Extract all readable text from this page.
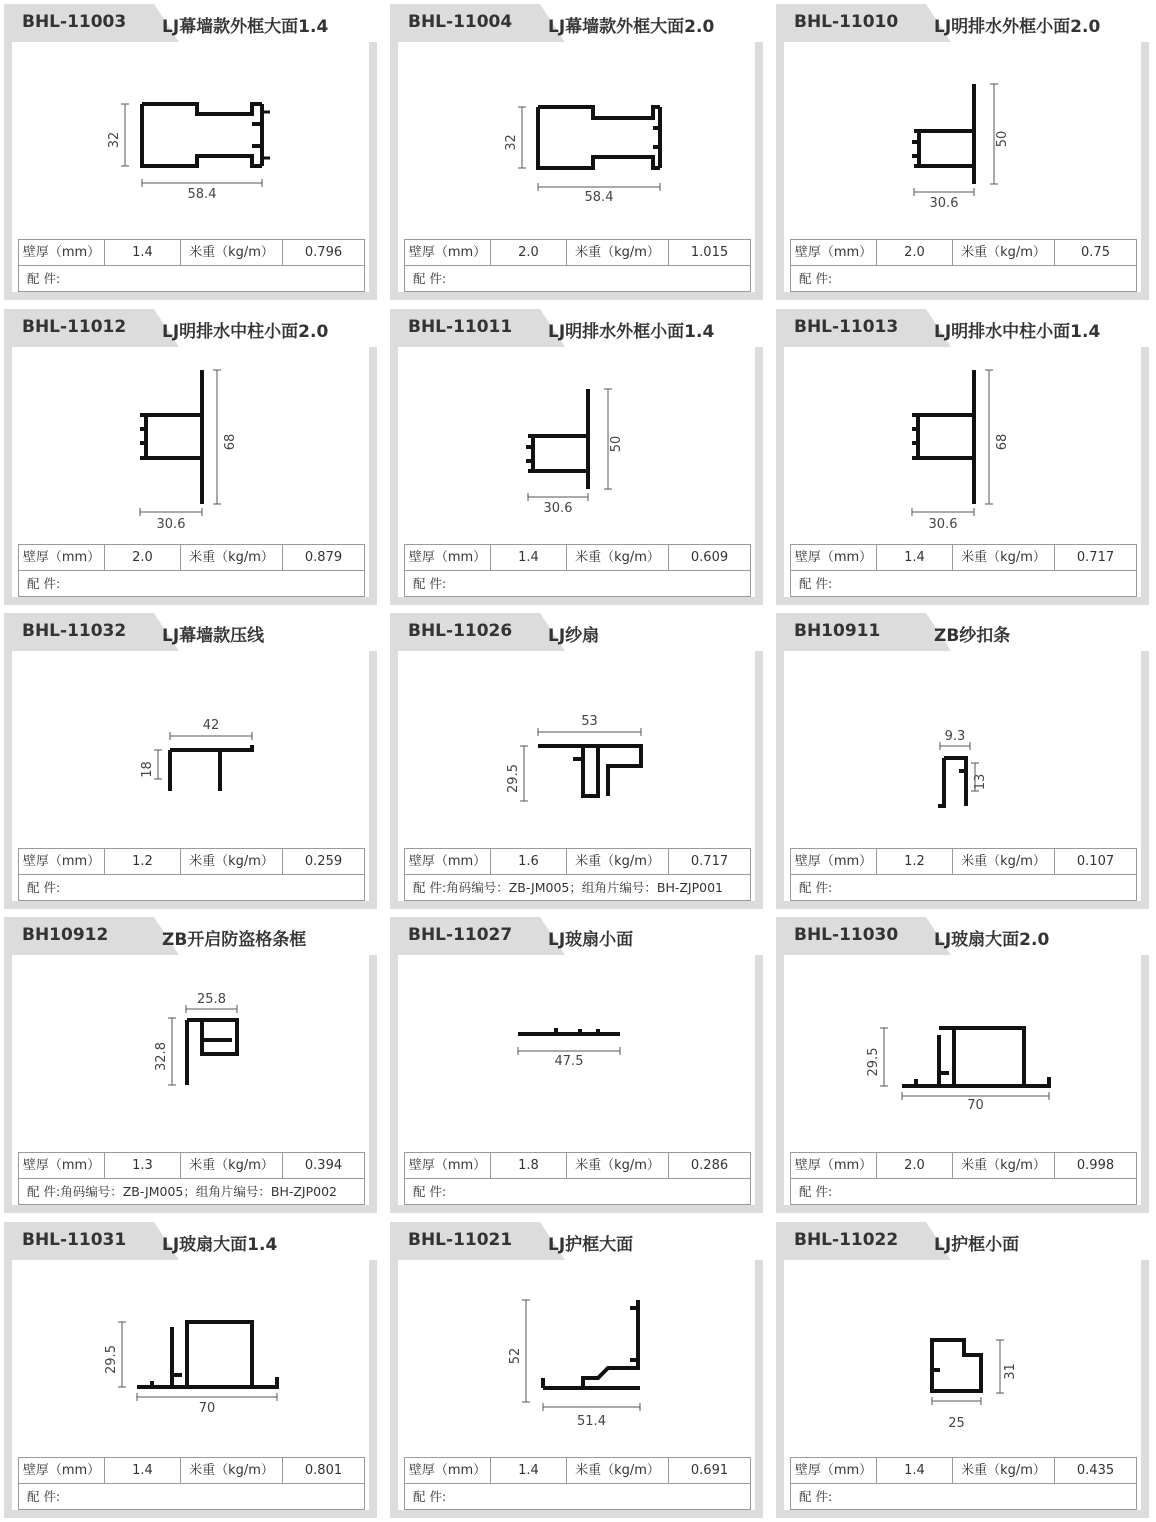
BHL-11003 LJ幕墙款外框大面1.4
32
58.4
壁厚（mm）	1.4	米重（kg/m）	0.796
配 件:
BHL-11004 LJ幕墙款外框大面2.0
32
58.4
壁厚（mm）	2.0	米重（kg/m）	1.015
配 件:
BHL-11010 LJ明排水外框小面2.0
50
30.6
壁厚（mm）	2.0	米重（kg/m）	0.75
配 件:
BHL-11012 LJ明排水中柱小面2.0
68
30.6
壁厚（mm）	2.0	米重（kg/m）	0.879
配 件:
BHL-11011 LJ明排水外框小面1.4
50
30.6
壁厚（mm）	1.4	米重（kg/m）	0.609
配 件:
BHL-11013 LJ明排水中柱小面1.4
68
30.6
壁厚（mm）	1.4	米重（kg/m）	0.717
配 件:
BHL-11032 LJ幕墙款压线
42
18
壁厚（mm）	1.2	米重（kg/m）	0.259
配 件:
BHL-11026 LJ纱扇
53
29.5
壁厚（mm）	1.6	米重（kg/m）	0.717
配 件:角码编号：ZB-JM005；组角片编号：BH-ZJP001
BH10911	ZB纱扣条
9.3
13
壁厚（mm）	1.2	米重（kg/m）	0.107
配 件:
BH10912	ZB开启防盗格条框
25.8
32.8
壁厚（mm）	1.3	米重（kg/m）	0.394
配 件:角码编号：ZB-JM005；组角片编号：BH-ZJP002
BHL-11027 LJ玻扇小面
47.5
壁厚（mm）	1.8	米重（kg/m）	0.286
配 件:
BHL-11030 LJ玻扇大面2.0
29.5
70
壁厚（mm）	2.0	米重（kg/m）	0.998
配 件:
BHL-11031 LJ玻扇大面1.4
29.5
70
壁厚（mm）	1.4	米重（kg/m）	0.801
配 件:
BHL-11021 LJ护框大面
52
51.4
壁厚（mm）	1.4	米重（kg/m）	0.691
配 件:
BHL-11022 LJ护框小面
31
25
壁厚（mm）	1.4	米重（kg/m）	0.435
配 件:
